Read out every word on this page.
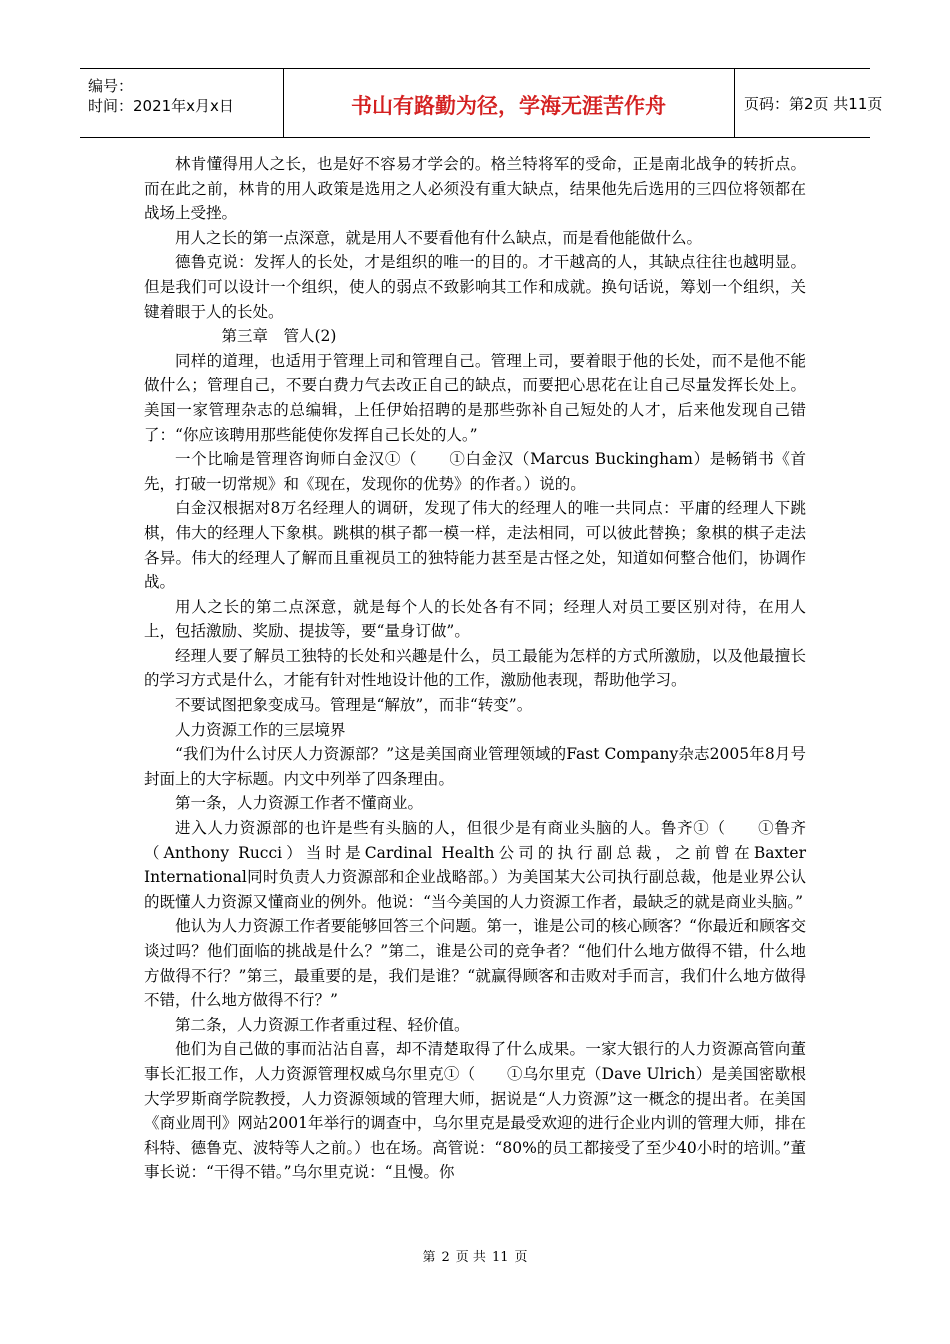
编号：
时间：2021年x月x日	书山有路勤为径，学海无涯苦作舟	页码：第2页 共11页

林肯懂得用人之长，也是好不容易才学会的。格兰特将军的受命，正是南北战争的转折点。而在此之前，林肯的用人政策是选用之人必须没有重大缺点，结果他先后选用的三四位将领都在战场上受挫。

用人之长的第一点深意，就是用人不要看他有什么缺点，而是看他能做什么。

德鲁克说：发挥人的长处，才是组织的唯一的目的。才干越高的人，其缺点往往也越明显。但是我们可以设计一个组织，使人的弱点不致影响其工作和成就。换句话说，筹划一个组织，关键着眼于人的长处。

第三章　管人(2)

同样的道理，也适用于管理上司和管理自己。管理上司，要着眼于他的长处，而不是他不能做什么；管理自己，不要白费力气去改正自己的缺点，而要把心思花在让自己尽量发挥长处上。美国一家管理杂志的总编辑，上任伊始招聘的是那些弥补自己短处的人才，后来他发现自己错了：“你应该聘用那些能使你发挥自己长处的人。”

一个比喻是管理咨询师白金汉①（　　①白金汉（Marcus Buckingham）是畅销书《首先，打破一切常规》和《现在，发现你的优势》的作者。）说的。

白金汉根据对8万名经理人的调研，发现了伟大的经理人的唯一共同点：平庸的经理人下跳棋，伟大的经理人下象棋。跳棋的棋子都一模一样，走法相同，可以彼此替换；象棋的棋子走法各异。伟大的经理人了解而且重视员工的独特能力甚至是古怪之处，知道如何整合他们，协调作战。

用人之长的第二点深意，就是每个人的长处各有不同；经理人对员工要区别对待，在用人上，包括激励、奖励、提拔等，要“量身订做”。

经理人要了解员工独特的长处和兴趣是什么，员工最能为怎样的方式所激励，以及他最擅长的学习方式是什么，才能有针对性地设计他的工作，激励他表现，帮助他学习。

不要试图把象变成马。管理是“解放”，而非“转变”。

人力资源工作的三层境界

“我们为什么讨厌人力资源部？”这是美国商业管理领域的Fast Company杂志2005年8月号封面上的大字标题。内文中列举了四条理由。

第一条，人力资源工作者不懂商业。

进入人力资源部的也许是些有头脑的人，但很少是有商业头脑的人。鲁齐①（　　①鲁齐（Anthony Rucci）当时是Cardinal Health公司的执行副总裁，之前曾在Baxter International同时负责人力资源部和企业战略部。）为美国某大公司执行副总裁，他是业界公认的既懂人力资源又懂商业的例外。他说：“当今美国的人力资源工作者，最缺乏的就是商业头脑。”

他认为人力资源工作者要能够回答三个问题。第一，谁是公司的核心顾客？“你最近和顾客交谈过吗？他们面临的挑战是什么？”第二，谁是公司的竞争者？“他们什么地方做得不错，什么地方做得不行？”第三，最重要的是，我们是谁？“就赢得顾客和击败对手而言，我们什么地方做得不错，什么地方做得不行？”

第二条，人力资源工作者重过程、轻价值。

他们为自己做的事而沾沾自喜，却不清楚取得了什么成果。一家大银行的人力资源高管向董事长汇报工作，人力资源管理权威乌尔里克①（　　①乌尔里克（Dave Ulrich）是美国密歇根大学罗斯商学院教授，人力资源领域的管理大师，据说是“人力资源”这一概念的提出者。在美国《商业周刊》网站2001年举行的调查中，乌尔里克是最受欢迎的进行企业内训的管理大师，排在科特、德鲁克、波特等人之前。）也在场。高管说：“80%的员工都接受了至少40小时的培训。”董事长说：“干得不错。”乌尔里克说：“且慢。你

第 2 页 共 11 页
